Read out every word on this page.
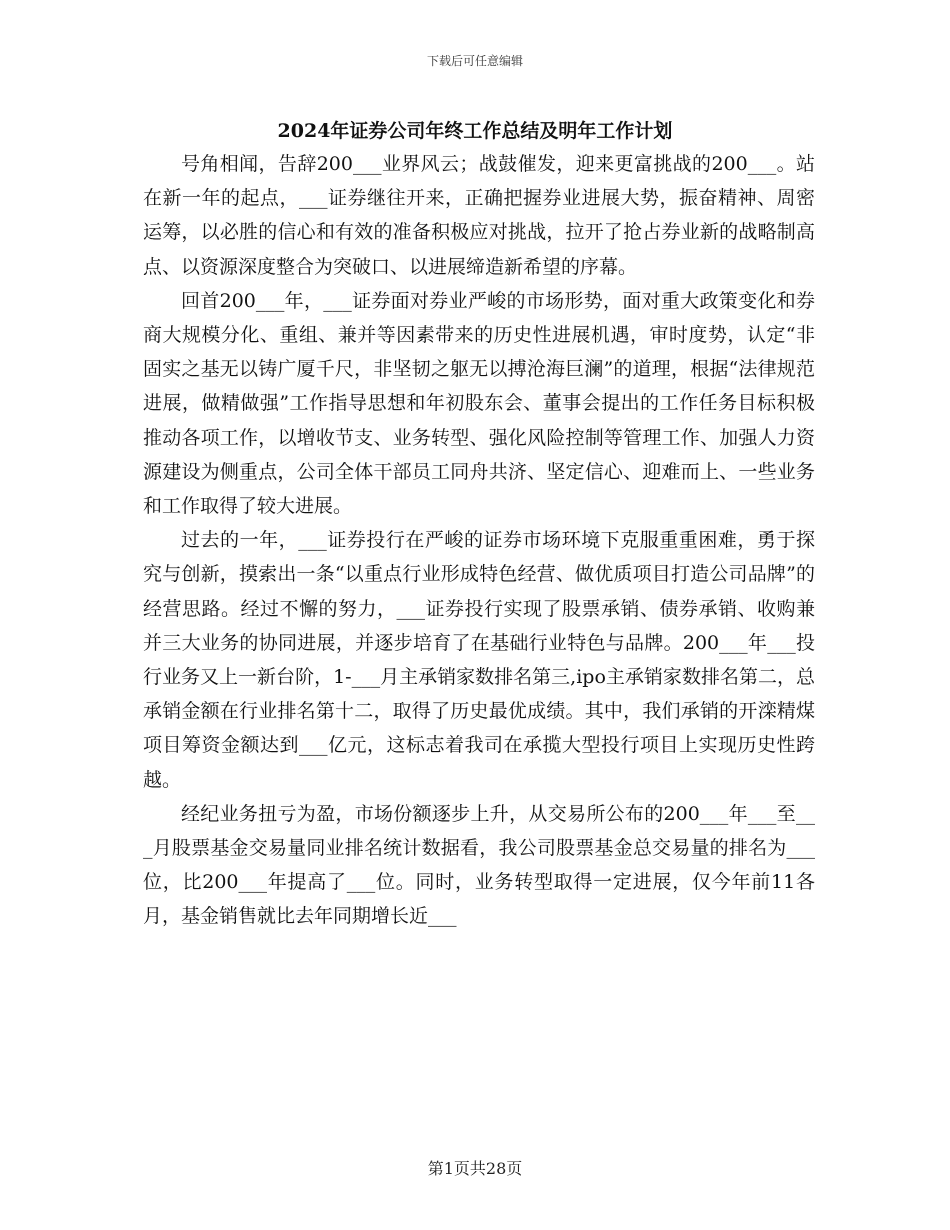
下载后可任意编辑
2024年证券公司年终工作总结及明年工作计划

号角相闻，告辞200___业界风云；战鼓催发，迎来更富挑战的200___。站在新一年的起点，___证券继往开来，正确把握券业进展大势，振奋精神、周密运筹，以必胜的信心和有效的准备积极应对挑战，拉开了抢占券业新的战略制高点、以资源深度整合为突破口、以进展缔造新希望的序幕。

回首200___年，___证券面对券业严峻的市场形势，面对重大政策变化和券商大规模分化、重组、兼并等因素带来的历史性进展机遇，审时度势，认定“非固实之基无以铸广厦千尺，非坚韧之躯无以搏沧海巨澜”的道理，根据“法律规范进展，做精做强”工作指导思想和年初股东会、董事会提出的工作任务目标积极推动各项工作，以增收节支、业务转型、强化风险控制等管理工作、加强人力资源建设为侧重点，公司全体干部员工同舟共济、坚定信心、迎难而上、一些业务和工作取得了较大进展。

过去的一年，___证券投行在严峻的证券市场环境下克服重重困难，勇于探究与创新，摸索出一条“以重点行业形成特色经营、做优质项目打造公司品牌”的经营思路。经过不懈的努力，___证券投行实现了股票承销、债券承销、收购兼并三大业务的协同进展，并逐步培育了在基础行业特色与品牌。200___年___投行业务又上一新台阶，1-___月主承销家数排名第三,ipo主承销家数排名第二，总承销金额在行业排名第十二，取得了历史最优成绩。其中，我们承销的开滦精煤项目筹资金额达到___亿元，这标志着我司在承揽大型投行项目上实现历史性跨越。

经纪业务扭亏为盈，市场份额逐步上升，从交易所公布的200___年___至___月股票基金交易量同业排名统计数据看，我公司股票基金总交易量的排名为___位，比200___年提高了___位。同时，业务转型取得一定进展，仅今年前11各月，基金销售就比去年同期增长近___

第1页共28页
